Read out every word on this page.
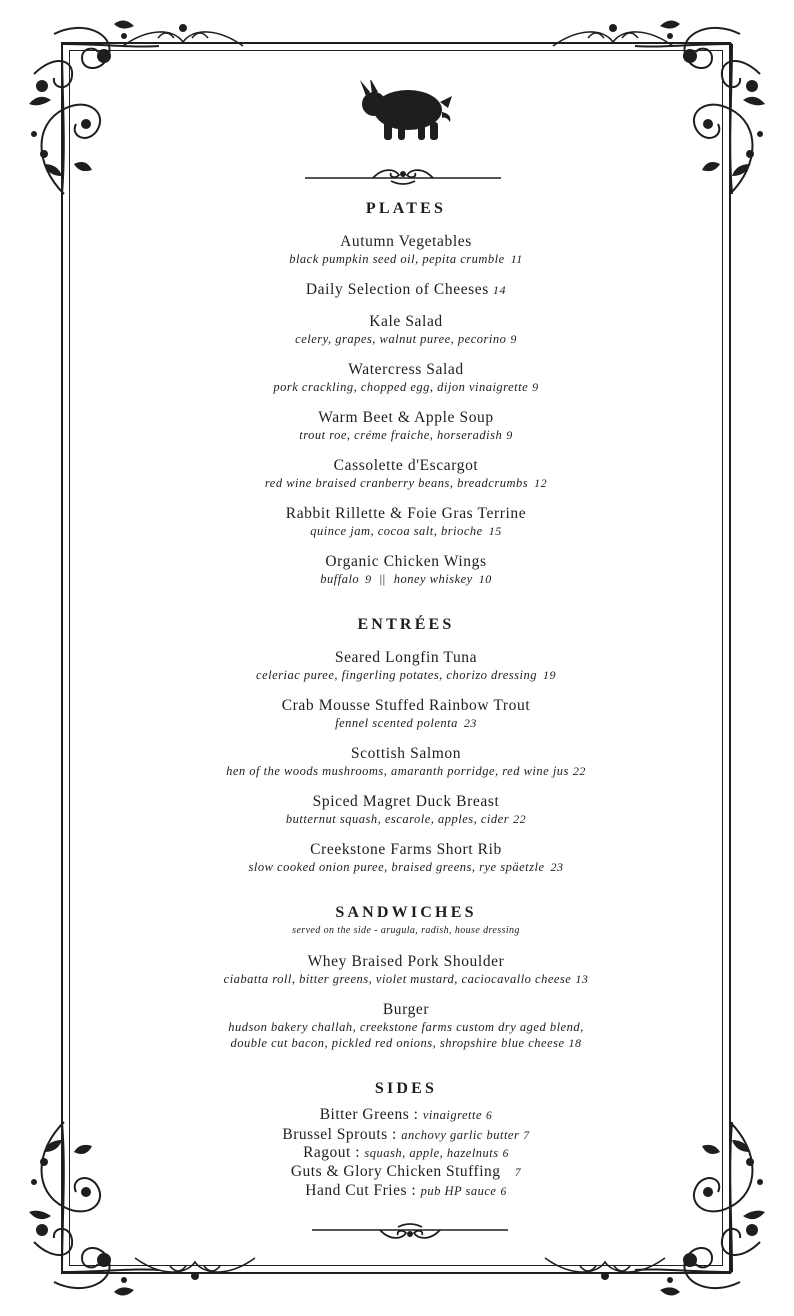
PLATES
Autumn Vegetables
black pumpkin seed oil, pepita crumble 11
Daily Selection of Cheeses 14
Kale Salad
celery, grapes, walnut puree, pecorino 9
Watercress Salad
pork crackling, chopped egg, dijon vinaigrette 9
Warm Beet & Apple Soup
trout roe, créme fraiche, horseradish 9
Cassolette d'Escargot
red wine braised cranberry beans, breadcrumbs 12
Rabbit Rillette & Foie Gras Terrine
quince jam, cocoa salt, brioche 15
Organic Chicken Wings
buffalo 9 || honey whiskey 10
ENTRÉES
Seared Longfin Tuna
celeriac puree, fingerling potates, chorizo dressing 19
Crab Mousse Stuffed Rainbow Trout
fennel scented polenta 23
Scottish Salmon
hen of the woods mushrooms, amaranth porridge, red wine jus 22
Spiced Magret Duck Breast
butternut squash, escarole, apples, cider 22
Creekstone Farms Short Rib
slow cooked onion puree, braised greens, rye späetzle 23
SANDWICHES
served on the side - arugula, radish, house dressing
Whey Braised Pork Shoulder
ciabatta roll, bitter greens, violet mustard, caciocavallo cheese 13
Burger
hudson bakery challah, creekstone farms custom dry aged blend,
double cut bacon, pickled red onions, shropshire blue cheese 18
SIDES
Bitter Greens : vinaigrette 6
Brussel Sprouts : anchovy garlic butter 7
Ragout : squash, apple, hazelnuts 6
Guts & Glory Chicken Stuffing 7
Hand Cut Fries : pub HP sauce 6
